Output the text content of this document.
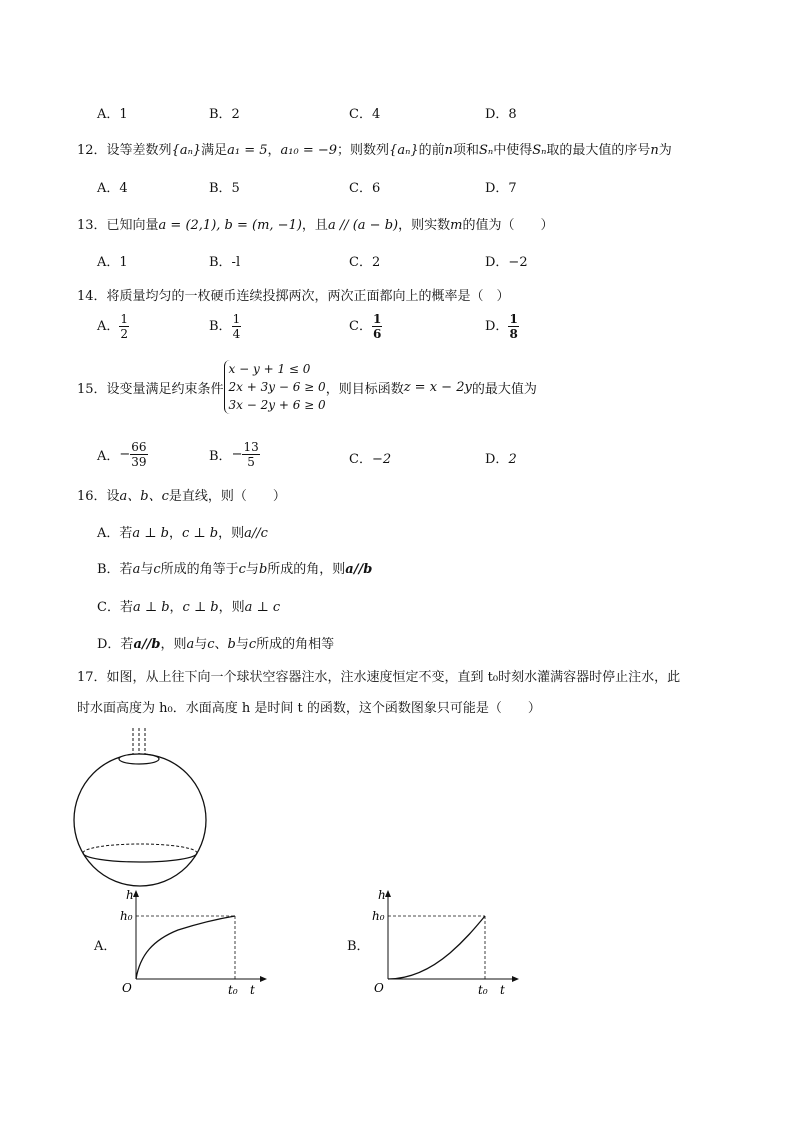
A．1	B．2	C．4	D．8
12．设等差数列{aₙ}满足a₁ = 5，a₁₀ = −9；则数列{aₙ}的前n项和Sₙ中使得Sₙ取的最大值的序号n为
A．4	B．5	C．6	D．7
13．已知向量a = (2,1), b = (m, −1)，且a // (a − b)，则实数m的值为（　　）
A．1	B．-l	C．2	D．−2
14．将质量均匀的一枚硬币连续投掷两次，两次正面都向上的概率是（　）
A． $\frac{1}{2}$	B． $\frac{1}{4}$	C． $\frac{1}{6}$	D． $\frac{1}{8}$
15．设变量满足约束条件
x − y + 1 ≤ 0
2x + 3y − 6 ≥ 0
3x − 2y + 6 ≥ 0
，则目标函数 z = x − 2y 的最大值为
A． − $\frac{66}{39}$	B． − $\frac{13}{5}$	C．−2	D．2
16．设a、b、c是直线，则（　　）
A．若a ⊥ b，c ⊥ b，则a//c
B．若a与c所成的角等于c与b所成的角，则a//b
C．若a ⊥ b，c ⊥ b，则a ⊥ c
D．若a//b，则a与c、b与c所成的角相等
17．如图，从上往下向一个球状空容器注水，注水速度恒定不变，直到 t₀时刻水灌满容器时停止注水，此
时水面高度为 h₀．水面高度 h 是时间 t 的函数，这个函数图象只可能是（　　）
A．
h
h₀
O	t₀ t
B．
h
h₀
O	t₀ t
